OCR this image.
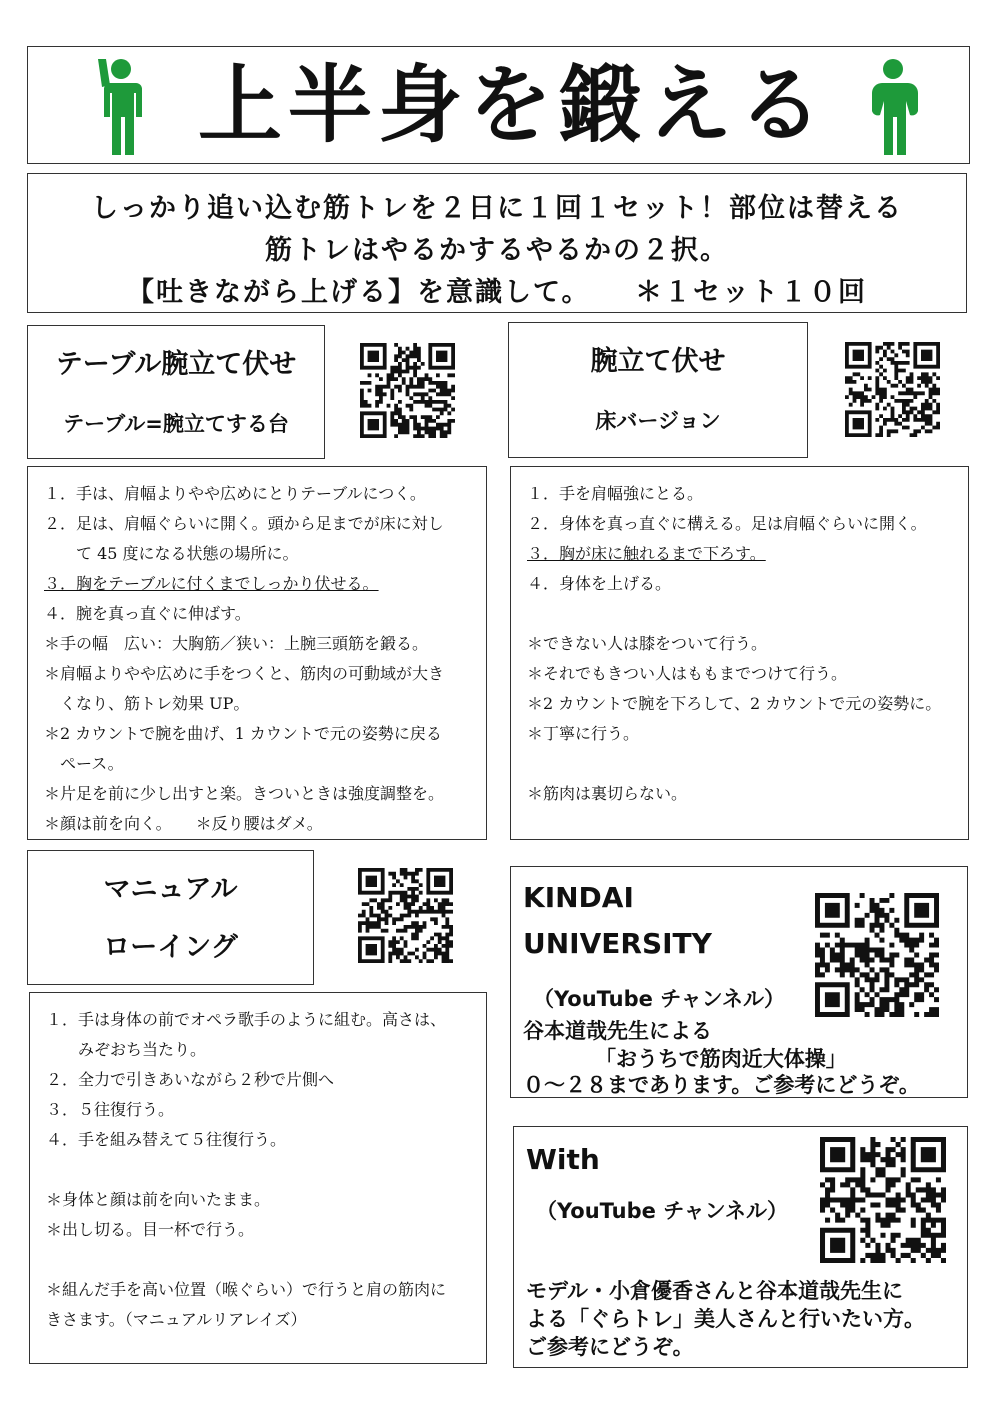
上半身を鍛える
しっかり追い込む筋トレを２日に１回１セット！部位は替える
筋トレはやるかするやるかの２択。
【吐きながら上げる】を意識して。　　＊１セット１０回
テーブル腕立て伏せ
テーブル=腕立てする台
腕立て伏せ
床バージョン
１．手は、肩幅よりやや広めにとりテーブルにつく。
２．足は、肩幅ぐらいに開く。頭から足までが床に対し
　　て 45 度になる状態の場所に。
３．胸をテーブルに付くまでしっかり伏せる。
４．腕を真っ直ぐに伸ばす。
＊手の幅　広い：大胸筋／狭い：上腕三頭筋を鍛る。
＊肩幅よりやや広めに手をつくと、筋肉の可動域が大き
　くなり、筋トレ効果 UP。
＊2 カウントで腕を曲げ、1 カウントで元の姿勢に戻る
　ペース。
＊片足を前に少し出すと楽。きついときは強度調整を。
＊顔は前を向く。　　＊反り腰はダメ。
１．手を肩幅強にとる。
２．身体を真っ直ぐに構える。足は肩幅ぐらいに開く。
３．胸が床に触れるまで下ろす。
４．身体を上げる。
＊できない人は膝をついて行う。
＊それでもきつい人はももまでつけて行う。
＊2 カウントで腕を下ろして、2 カウントで元の姿勢に。
＊丁寧に行う。
＊筋肉は裏切らない。
マニュアル
ローイング
１．手は身体の前でオペラ歌手のように組む。高さは、
　　みぞおち当たり。
２．全力で引きあいながら２秒で片側へ
３．５往復行う。
４．手を組み替えて５往復行う。
＊身体と顔は前を向いたまま。
＊出し切る。目一杯で行う。
＊組んだ手を高い位置（喉ぐらい）で行うと肩の筋肉に
きさます。（マニュアルリアレイズ）
KINDAI
UNIVERSITY
（YouTube チャンネル）
谷本道哉先生による
「おうちで筋肉近大体操」
０～２８まであります。ご参考にどうぞ。
With
（YouTube チャンネル）
モデル・小倉優香さんと谷本道哉先生に
よる「ぐらトレ」美人さんと行いたい方。
ご参考にどうぞ。
